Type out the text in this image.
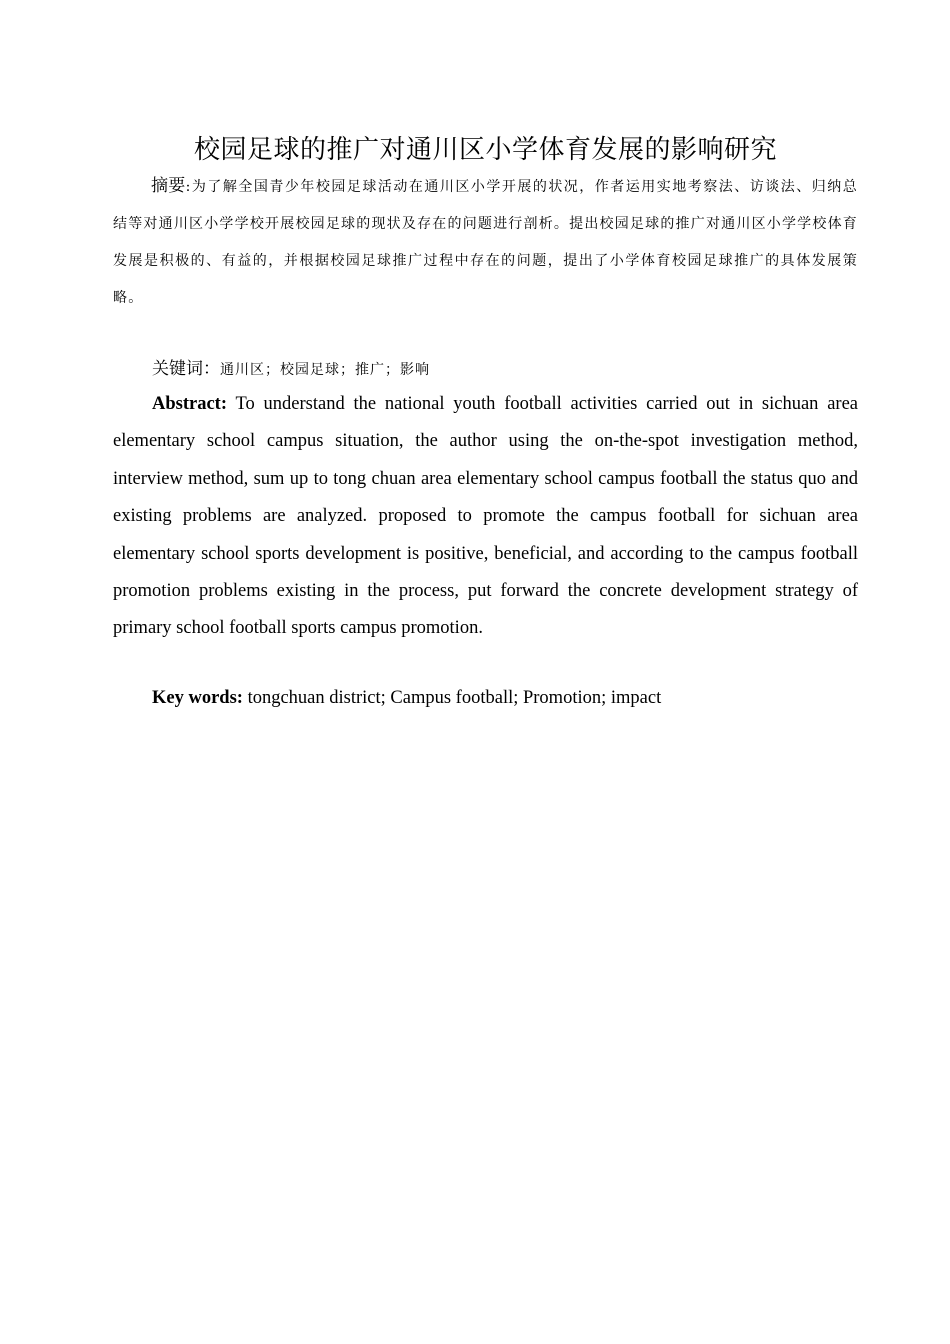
校园足球的推广对通川区小学体育发展的影响研究
摘要:为了解全国青少年校园足球活动在通川区小学开展的状况，作者运用实地考察法、访谈法、归纳总结等对通川区小学学校开展校园足球的现状及存在的问题进行剖析。提出校园足球的推广对通川区小学学校体育发展是积极的、有益的，并根据校园足球推广过程中存在的问题，提出了小学体育校园足球推广的具体发展策略。
关键词：通川区；校园足球；推广；影响
Abstract: To understand the national youth football activities carried out in sichuan area elementary school campus situation, the author using the on-the-spot investigation method, interview method, sum up to tong chuan area elementary school campus football the status quo and existing problems are analyzed. proposed to promote the campus football for sichuan area elementary school sports development is positive, beneficial, and according to the campus football promotion problems existing in the process, put forward the concrete development strategy of primary school football sports campus promotion.
Key words: tongchuan district; Campus football; Promotion; impact
